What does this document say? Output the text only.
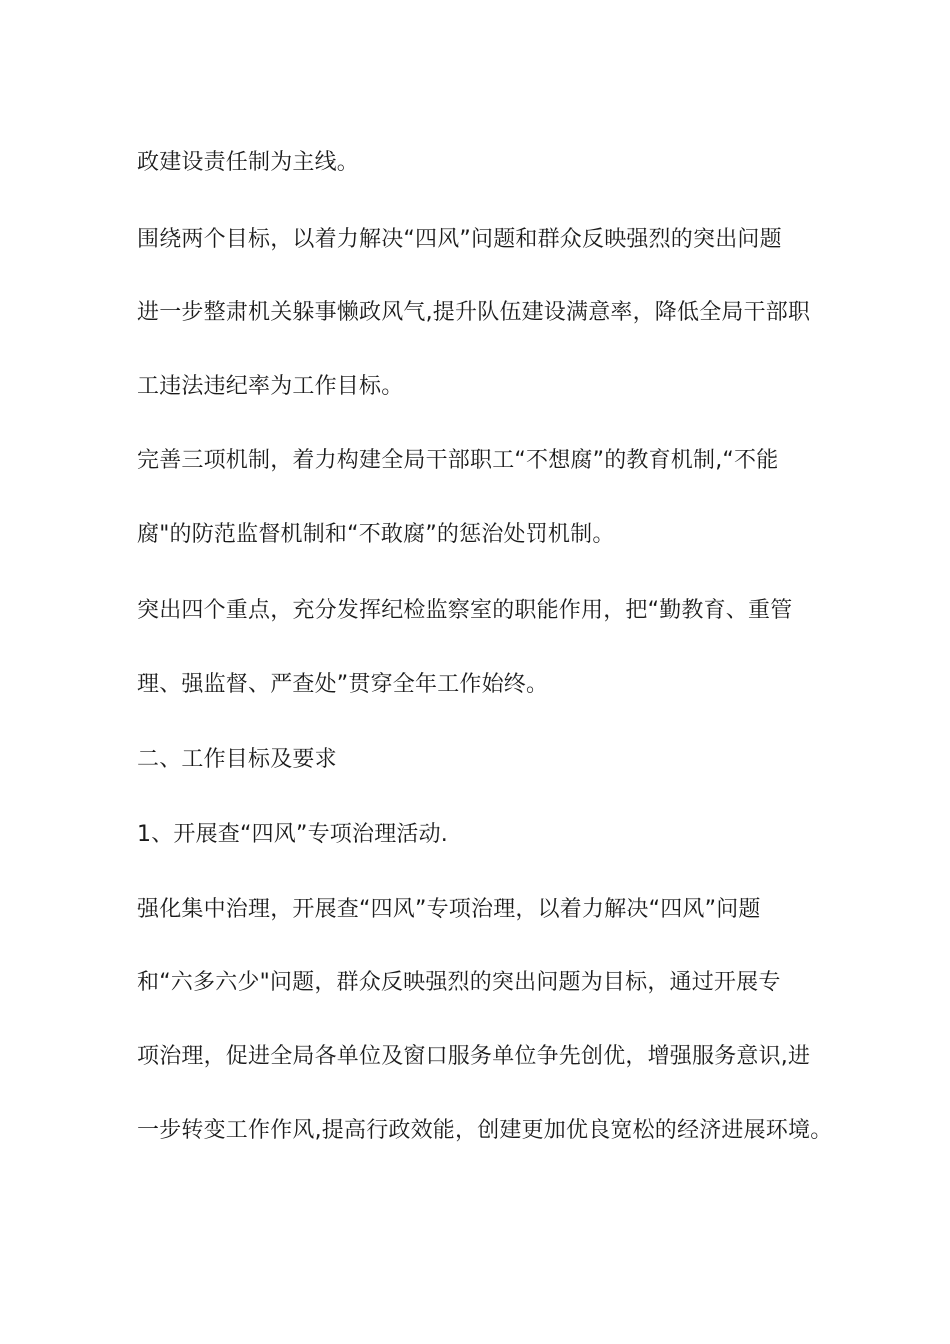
政建设责任制为主线。

围绕两个目标，以着力解决“四风”问题和群众反映强烈的突出问题

进一步整肃机关躲事懒政风气,提升队伍建设满意率，降低全局干部职

工违法违纪率为工作目标。

完善三项机制，着力构建全局干部职工“不想腐”的教育机制,“不能

腐"的防范监督机制和“不敢腐”的惩治处罚机制。

突出四个重点，充分发挥纪检监察室的职能作用，把“勤教育、重管

理、强监督、严查处”贯穿全年工作始终。

二、工作目标及要求

1、开展查“四风”专项治理活动.

强化集中治理，开展查“四风”专项治理，以着力解决“四风”问题

和“六多六少"问题，群众反映强烈的突出问题为目标，通过开展专

项治理，促进全局各单位及窗口服务单位争先创优，增强服务意识,进

一步转变工作作风,提高行政效能，创建更加优良宽松的经济进展环境。
